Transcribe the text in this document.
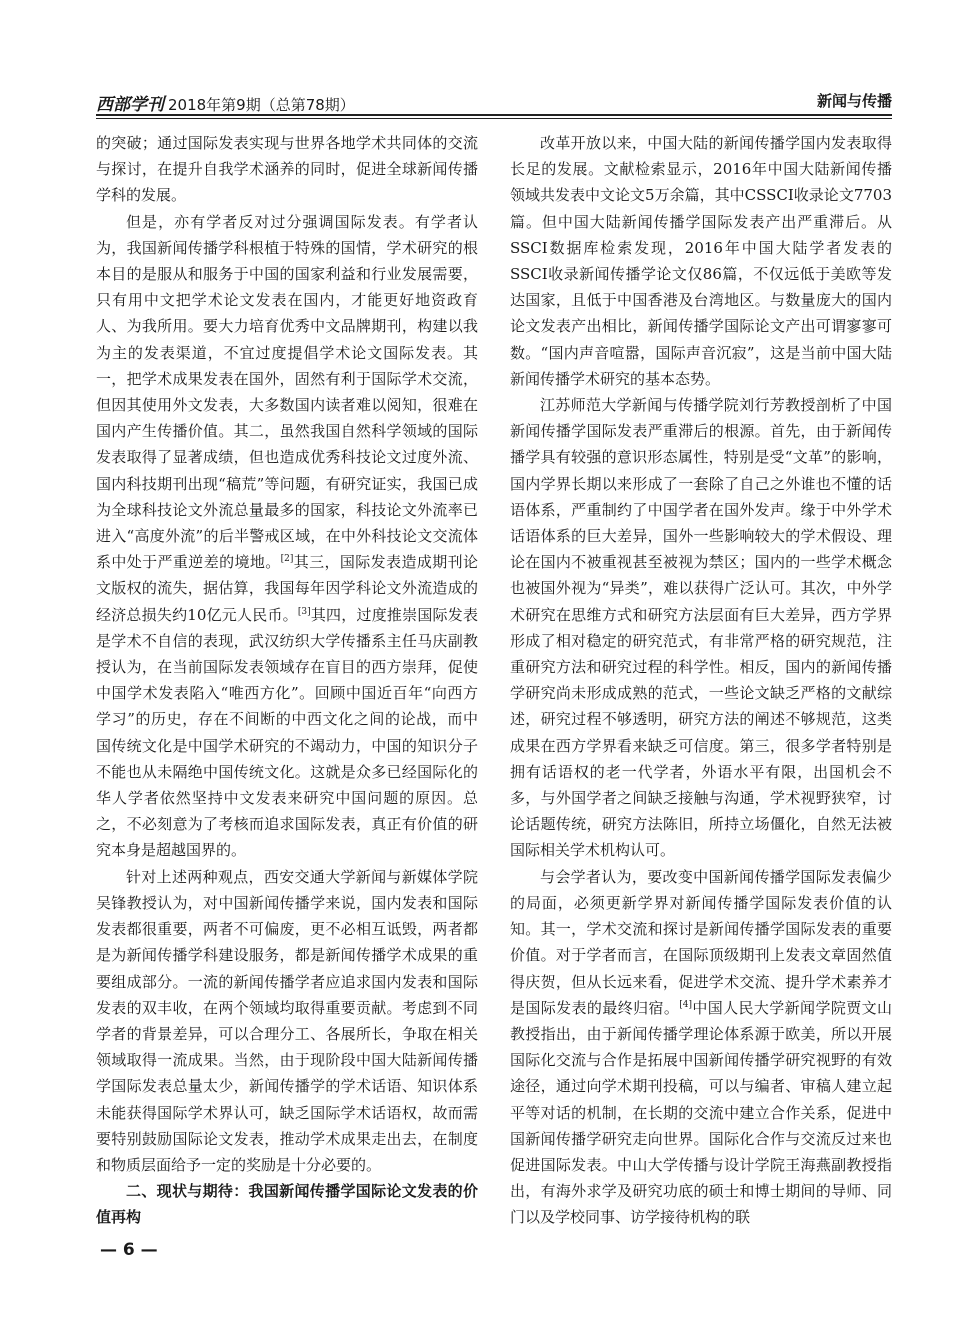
西部学刊 2018年第9期（总第78期）	新闻与传播

的突破；通过国际发表实现与世界各地学术共同体的交流与探讨，在提升自我学术涵养的同时，促进全球新闻传播学科的发展。

但是，亦有学者反对过分强调国际发表。有学者认为，我国新闻传播学科根植于特殊的国情，学术研究的根本目的是服从和服务于中国的国家利益和行业发展需要，只有用中文把学术论文发表在国内，才能更好地资政育人、为我所用。要大力培育优秀中文品牌期刊，构建以我为主的发表渠道，不宜过度提倡学术论文国际发表。其一，把学术成果发表在国外，固然有利于国际学术交流，但因其使用外文发表，大多数国内读者难以阅知，很难在国内产生传播价值。其二，虽然我国自然科学领域的国际发表取得了显著成绩，但也造成优秀科技论文过度外流、国内科技期刊出现“稿荒”等问题，有研究证实，我国已成为全球科技论文外流总量最多的国家，科技论文外流率已进入“高度外流”的后半警戒区域，在中外科技论文交流体系中处于严重逆差的境地。[2]其三，国际发表造成期刊论文版权的流失，据估算，我国每年因学科论文外流造成的经济总损失约10亿元人民币。[3]其四，过度推崇国际发表是学术不自信的表现，武汉纺织大学传播系主任马庆副教授认为，在当前国际发表领域存在盲目的西方崇拜，促使中国学术发表陷入“唯西方化”。回顾中国近百年“向西方学习”的历史，存在不间断的中西文化之间的论战，而中国传统文化是中国学术研究的不竭动力，中国的知识分子不能也从未隔绝中国传统文化。这就是众多已经国际化的华人学者依然坚持中文发表来研究中国问题的原因。总之，不必刻意为了考核而追求国际发表，真正有价值的研究本身是超越国界的。

针对上述两种观点，西安交通大学新闻与新媒体学院吴锋教授认为，对中国新闻传播学来说，国内发表和国际发表都很重要，两者不可偏废，更不必相互诋毁，两者都是为新闻传播学科建设服务，都是新闻传播学术成果的重要组成部分。一流的新闻传播学者应追求国内发表和国际发表的双丰收，在两个领域均取得重要贡献。考虑到不同学者的背景差异，可以合理分工、各展所长，争取在相关领域取得一流成果。当然，由于现阶段中国大陆新闻传播学国际发表总量太少，新闻传播学的学术话语、知识体系未能获得国际学术界认可，缺乏国际学术话语权，故而需要特别鼓励国际论文发表，推动学术成果走出去，在制度和物质层面给予一定的奖励是十分必要的。

二、现状与期待：我国新闻传播学国际论文发表的价值再构

改革开放以来，中国大陆的新闻传播学国内发表取得长足的发展。文献检索显示，2016年中国大陆新闻传播领域共发表中文论文5万余篇，其中CSSCI收录论文7703篇。但中国大陆新闻传播学国际发表产出严重滞后。从SSCI数据库检索发现，2016年中国大陆学者发表的SSCI收录新闻传播学论文仅86篇，不仅远低于美欧等发达国家，且低于中国香港及台湾地区。与数量庞大的国内论文发表产出相比，新闻传播学国际论文产出可谓寥寥可数。“国内声音喧嚣，国际声音沉寂”，这是当前中国大陆新闻传播学术研究的基本态势。

江苏师范大学新闻与传播学院刘行芳教授剖析了中国新闻传播学国际发表严重滞后的根源。首先，由于新闻传播学具有较强的意识形态属性，特别是受“文革”的影响，国内学界长期以来形成了一套除了自己之外谁也不懂的话语体系，严重制约了中国学者在国外发声。缘于中外学术话语体系的巨大差异，国外一些影响较大的学术假设、理论在国内不被重视甚至被视为禁区；国内的一些学术概念也被国外视为“异类”，难以获得广泛认可。其次，中外学术研究在思维方式和研究方法层面有巨大差异，西方学界形成了相对稳定的研究范式，有非常严格的研究规范，注重研究方法和研究过程的科学性。相反，国内的新闻传播学研究尚未形成成熟的范式，一些论文缺乏严格的文献综述，研究过程不够透明，研究方法的阐述不够规范，这类成果在西方学界看来缺乏可信度。第三，很多学者特别是拥有话语权的老一代学者，外语水平有限，出国机会不多，与外国学者之间缺乏接触与沟通，学术视野狭窄，讨论话题传统，研究方法陈旧，所持立场僵化，自然无法被国际相关学术机构认可。

与会学者认为，要改变中国新闻传播学国际发表偏少的局面，必须更新学界对新闻传播学国际发表价值的认知。其一，学术交流和探讨是新闻传播学国际发表的重要价值。对于学者而言，在国际顶级期刊上发表文章固然值得庆贺，但从长远来看，促进学术交流、提升学术素养才是国际发表的最终归宿。[4]中国人民大学新闻学院贾文山教授指出，由于新闻传播学理论体系源于欧美，所以开展国际化交流与合作是拓展中国新闻传播学研究视野的有效途径，通过向学术期刊投稿，可以与编者、审稿人建立起平等对话的机制，在长期的交流中建立合作关系，促进中国新闻传播学研究走向世界。国际化合作与交流反过来也促进国际发表。中山大学传播与设计学院王海燕副教授指出，有海外求学及研究功底的硕士和博士期间的导师、同门以及学校同事、访学接待机构的联

— 6 —
